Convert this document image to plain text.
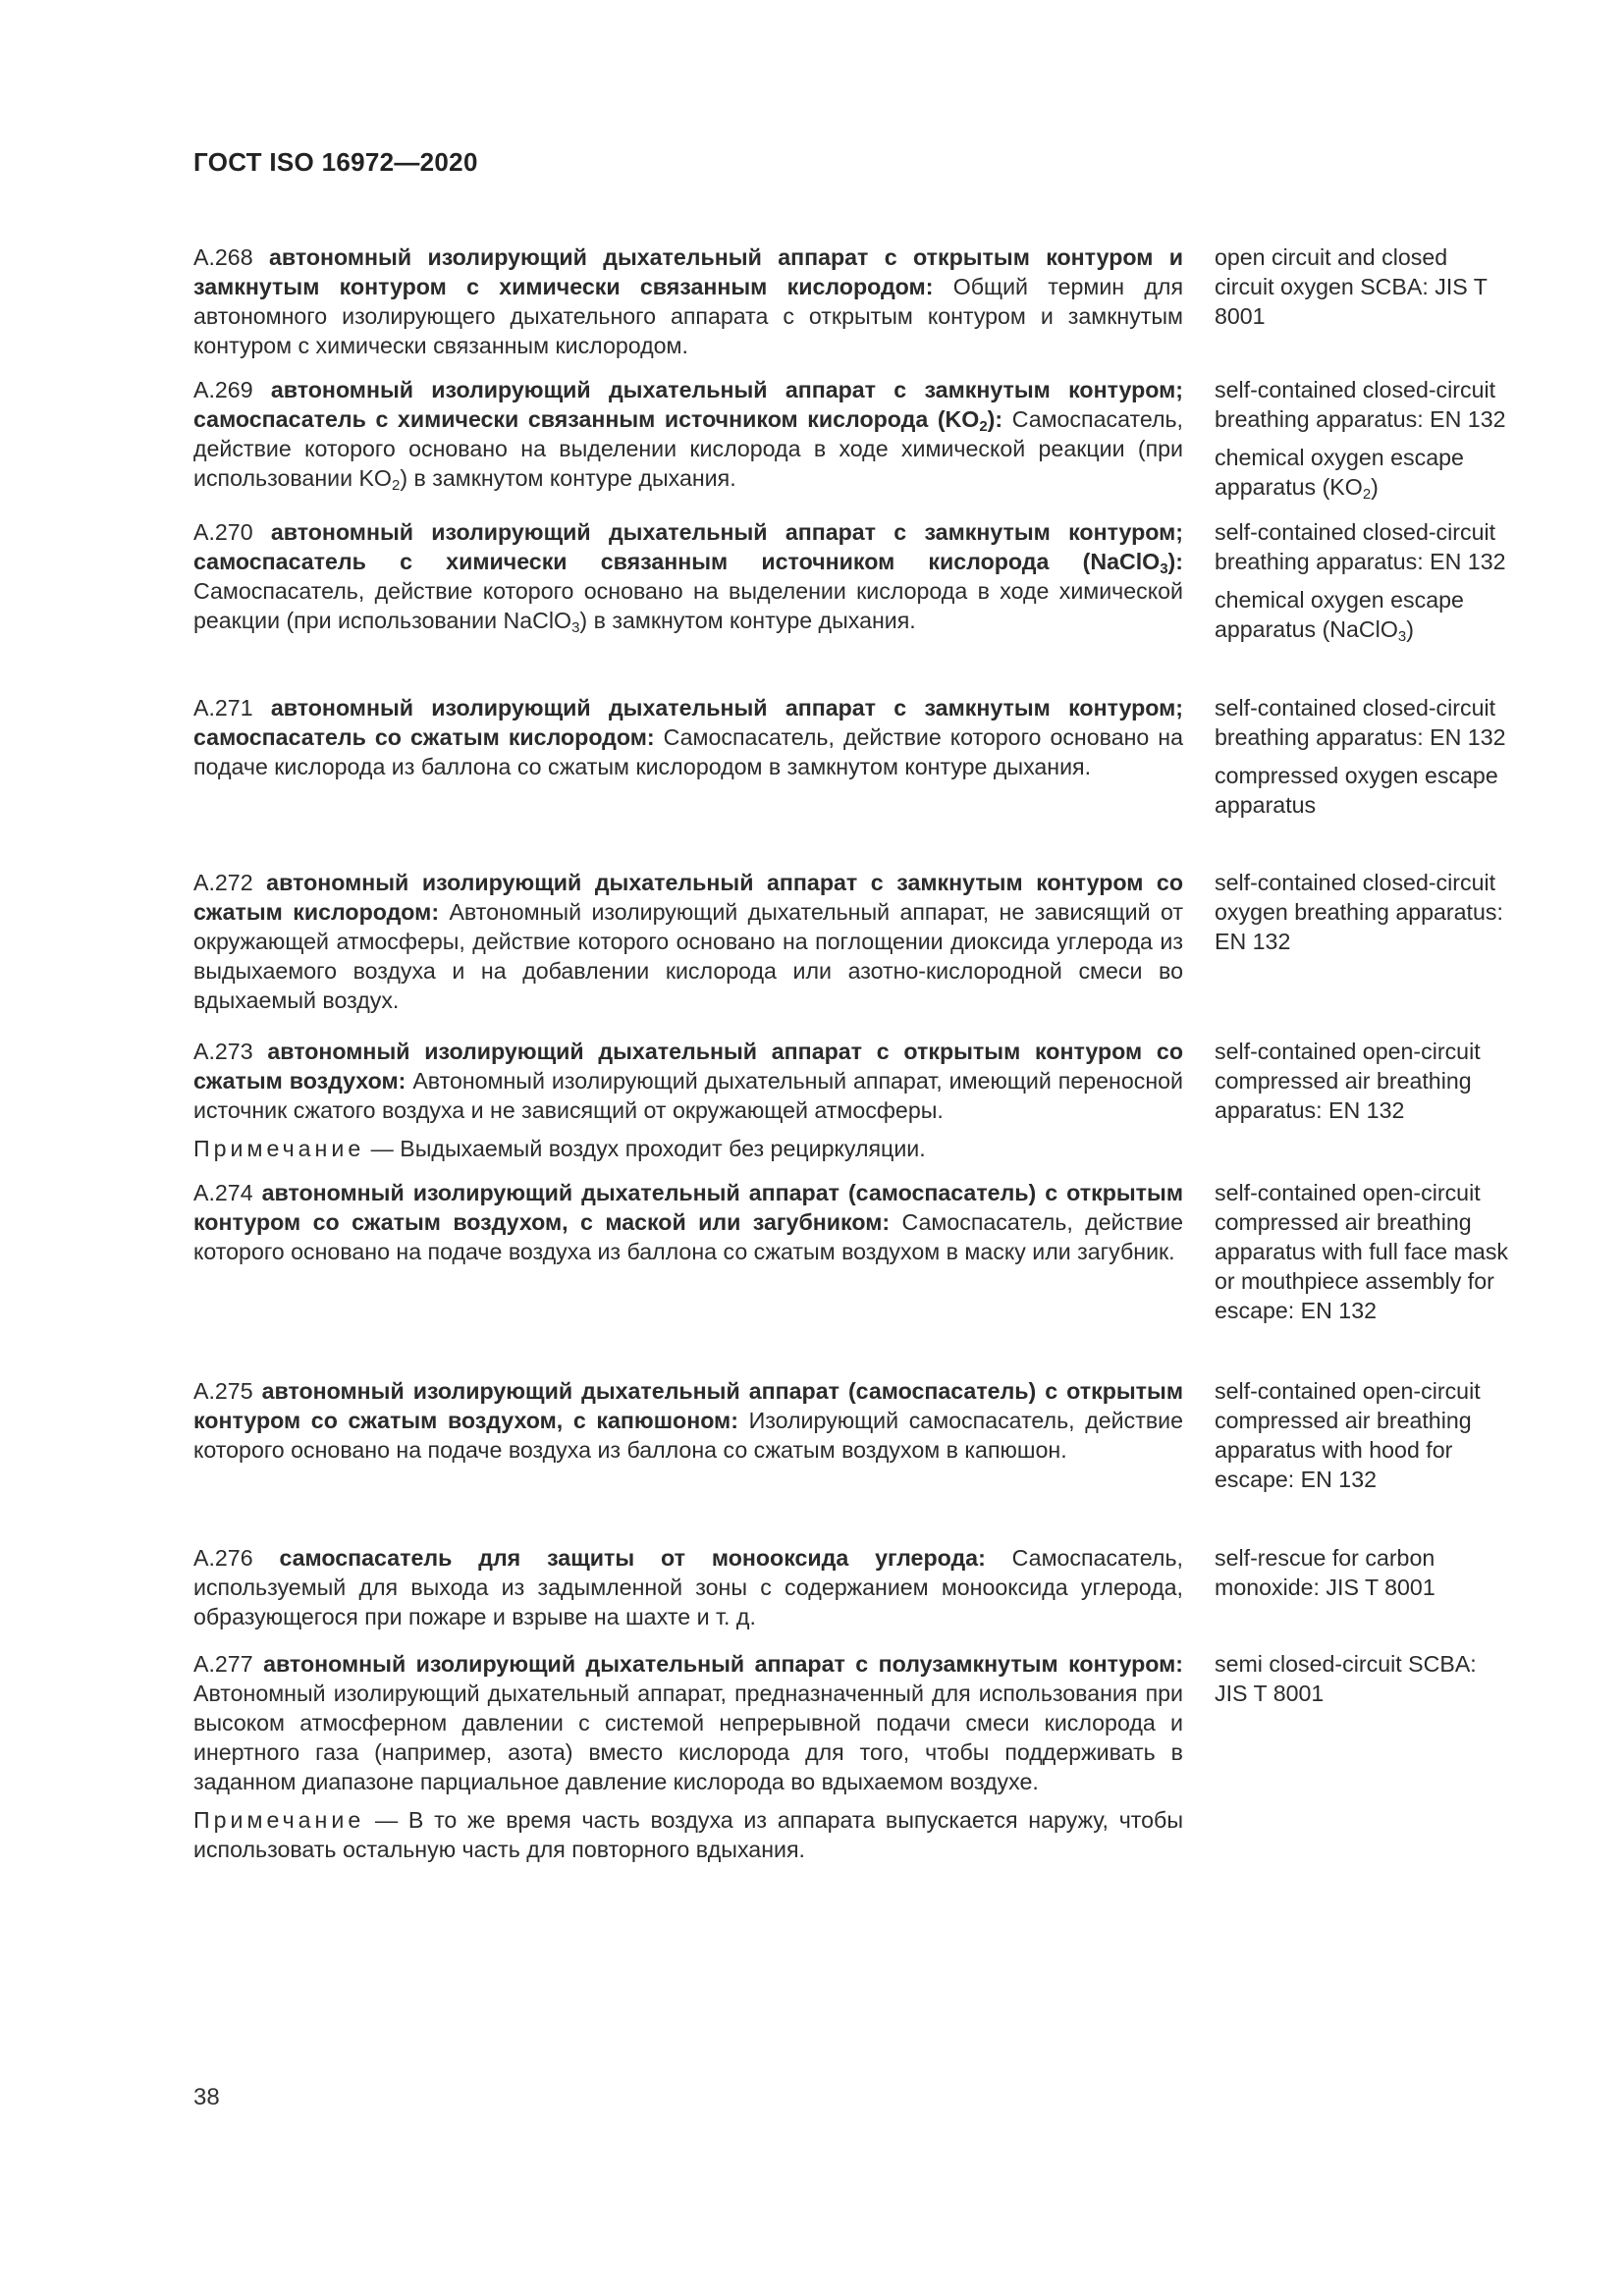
ГОСТ ISO 16972—2020

А.268 автономный изолирующий дыхательный аппарат с открытым контуром и замкнутым контуром с химически связанным кислородом: Общий термин для автономного изолирующего дыхательного аппарата с открытым контуром и замкнутым контуром с химически связанным кислородом.

open circuit and closed circuit oxygen SCBA: JIS T 8001

А.269 автономный изолирующий дыхательный аппарат с замкнутым контуром; самоспасатель с химически связанным источником кислорода $(KO_2)$: Самоспасатель, действие которого основано на выделении кислорода в ходе химической реакции (при использовании $KO_2$) в замкнутом контуре дыхания.

self-contained closed-circuit breathing apparatus: EN 132

chemical oxygen escape apparatus $(KO_2)$

А.270 автономный изолирующий дыхательный аппарат с замкнутым контуром; самоспасатель с химически связанным источником кислорода (NaClO$_3$): Самоспасатель, действие которого основано на выделении кислорода в ходе химической реакции (при использовании NaClO$_3$) в замкнутом контуре дыхания.

self-contained closed-circuit breathing apparatus: EN 132

chemical oxygen escape apparatus (NaClO$_3$)

А.271 автономный изолирующий дыхательный аппарат с замкнутым контуром; самоспасатель со сжатым кислородом: Самоспасатель, действие которого основано на подаче кислорода из баллона со сжатым кислородом в замкнутом контуре дыхания.

self-contained closed-circuit breathing apparatus: EN 132

compressed oxygen escape apparatus

А.272 автономный изолирующий дыхательный аппарат с замкнутым контуром со сжатым кислородом: Автономный изолирующий дыхательный аппарат, не зависящий от окружающей атмосферы, действие которого основано на поглощении диоксида углерода из выдыхаемого воздуха и на добавлении кислорода или азотно-кислородной смеси во вдыхаемый воздух.

self-contained closed-circuit oxygen breathing apparatus: EN 132

А.273 автономный изолирующий дыхательный аппарат с открытым контуром со сжатым воздухом: Автономный изолирующий дыхательный аппарат, имеющий переносной источник сжатого воздуха и не зависящий от окружающей атмосферы.

Примечание — Выдыхаемый воздух проходит без рециркуляции.

self-contained open-circuit compressed air breathing apparatus: EN 132

А.274 автономный изолирующий дыхательный аппарат (самоспасатель) с открытым контуром со сжатым воздухом, с маской или загубником: Самоспасатель, действие которого основано на подаче воздуха из баллона со сжатым воздухом в маску или загубник.

self-contained open-circuit compressed air breathing apparatus with full face mask or mouthpiece assembly for escape: EN 132

А.275 автономный изолирующий дыхательный аппарат (самоспасатель) с открытым контуром со сжатым воздухом, с капюшоном: Изолирующий самоспасатель, действие которого основано на подаче воздуха из баллона со сжатым воздухом в капюшон.

self-contained open-circuit compressed air breathing apparatus with hood for escape: EN 132

А.276 самоспасатель для защиты от монооксида углерода: Самоспасатель, используемый для выхода из задымленной зоны с содержанием монооксида углерода, образующегося при пожаре и взрыве на шахте и т. д.

self-rescue for carbon monoxide: JIS T 8001

А.277 автономный изолирующий дыхательный аппарат с полузамкнутым контуром: Автономный изолирующий дыхательный аппарат, предназначенный для использования при высоком атмосферном давлении с системой непрерывной подачи смеси кислорода и инертного газа (например, азота) вместо кислорода для того, чтобы поддерживать в заданном диапазоне парциальное давление кислорода во вдыхаемом воздухе.

Примечание — В то же время часть воздуха из аппарата выпускается наружу, чтобы использовать остальную часть для повторного вдыхания.

semi closed-circuit SCBA: JIS T 8001

38
